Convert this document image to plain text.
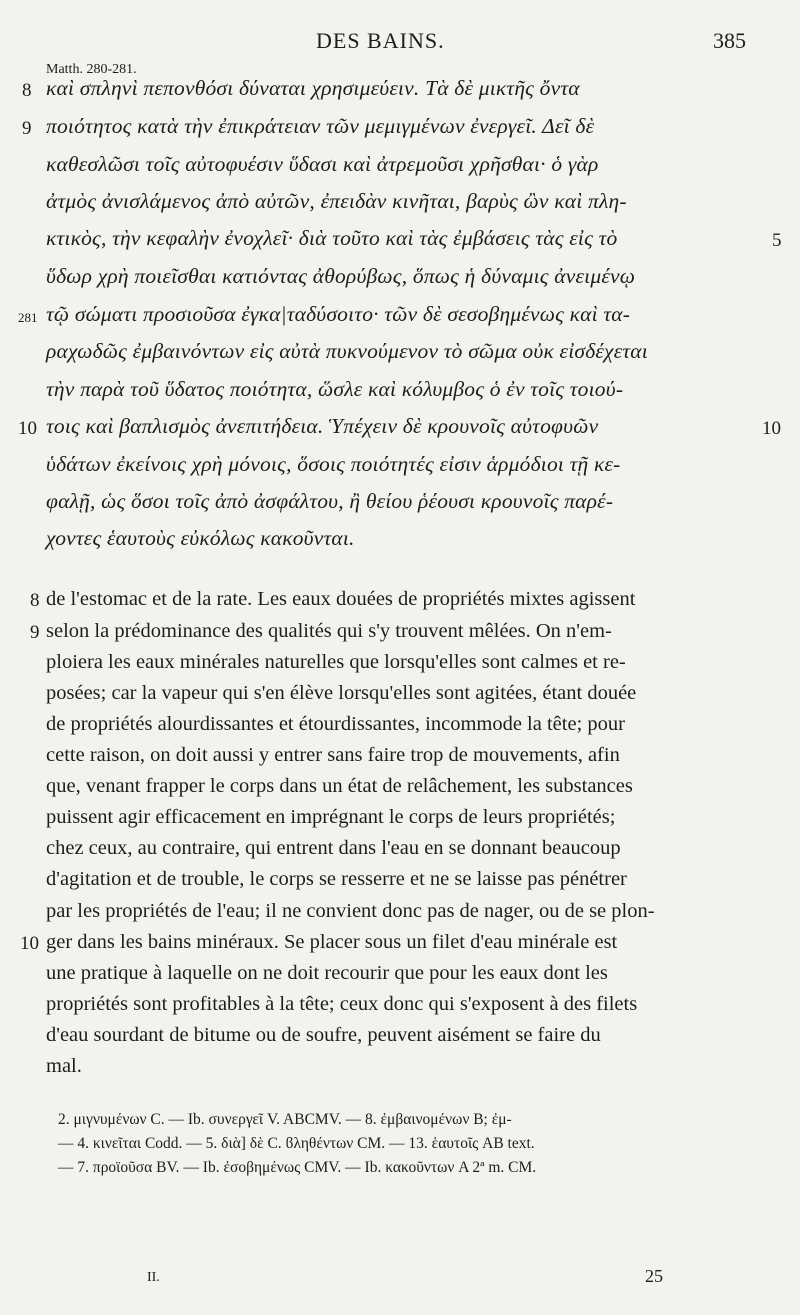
DES BAINS.	385
Matth. 280-281.
καὶ σπληνὶ πεπονθόσι δύναται χρησιμεύειν. Τὰ δὲ μικτῆς ὄντα
ποιότητος κατὰ τὴν ἐπικράτειαν τῶν μεμιγμένων ἐνεργεῖ. Δεῖ δὲ
καθεσλῶσι τοῖς αὐτοφυέσιν ὕδασι καὶ ἀτρεμοῦσι χρῆσθαι· ὁ γὰρ
ἀτμὸς ἀνισλάμενος ἀπὸ αὐτῶν, ἐπειδὰν κινῆται, βαρὺς ὢν καὶ πλη-
κτικὸς, τὴν κεφαλὴν ἐνοχλεῖ· διὰ τοῦτο καὶ τὰς ἐμβάσεις τὰς εἰς τὸ
ὕδωρ χρὴ ποιεῖσθαι κατιόντας ἀθορύβως, ὅπως ἡ δύναμις ἀνειμένῳ
τῷ σώματι προσιοῦσα ἐγκα|ταδύσοιτο· τῶν δὲ σεσοβημένως καὶ τα-
ραχωδῶς ἐμβαινόντων εἰς αὐτὰ πυκνούμενον τὸ σῶμα οὐκ εἰσδέχεται
τὴν παρὰ τοῦ ὕδατος ποιότητα, ὥσλε καὶ κόλυμβος ὁ ἐν τοῖς τοιού-
τοις καὶ βαπλισμὸς ἀνεπιτήδεια. Ὑπέχειν δὲ κρουνοῖς αὐτοφυῶν
ὑδάτων ἐκείνοις χρὴ μόνοις, ὅσοις ποιότητές εἰσιν ἁρμόδιοι τῇ κε-
φαλῇ, ὡς ὅσοι τοῖς ἀπὸ ἀσφάλτου, ἢ θείου ῥέουσι κρουνοῖς παρέ-
χοντες ἑαυτοὺς εὐκόλως κακοῦνται.
8
9
281
10
5
10
de l'estomac et de la rate. Les eaux douées de propriétés mixtes agissent
selon la prédominance des qualités qui s'y trouvent mêlées. On n'em-
ploiera les eaux minérales naturelles que lorsqu'elles sont calmes et re-
posées; car la vapeur qui s'en élève lorsqu'elles sont agitées, étant douée
de propriétés alourdissantes et étourdissantes, incommode la tête; pour
cette raison, on doit aussi y entrer sans faire trop de mouvements, afin
que, venant frapper le corps dans un état de relâchement, les substances
puissent agir efficacement en imprégnant le corps de leurs propriétés;
chez ceux, au contraire, qui entrent dans l'eau en se donnant beaucoup
d'agitation et de trouble, le corps se resserre et ne se laisse pas pénétrer
par les propriétés de l'eau; il ne convient donc pas de nager, ou de se plon-
ger dans les bains minéraux. Se placer sous un filet d'eau minérale est
une pratique à laquelle on ne doit recourir que pour les eaux dont les
propriétés sont profitables à la tête; ceux donc qui s'exposent à des filets
d'eau sourdant de bitume ou de soufre, peuvent aisément se faire du
mal.
8
9
10
2. μιγνυμένων C. — Ib. συνεργεῖ V. ABCMV. — 8. ἐμβαινομένων B; ἐμ-
— 4. κινεῖται Codd. — 5. διὰ] δὲ C. ϐληθέντων CM. — 13. ἑαυτοῖς AB text.
— 7. προϊοῦσα BV. — Ib. ἐσοβημένως CMV. — Ib. κακοῦντων A 2ª m. CM.
II.	25
